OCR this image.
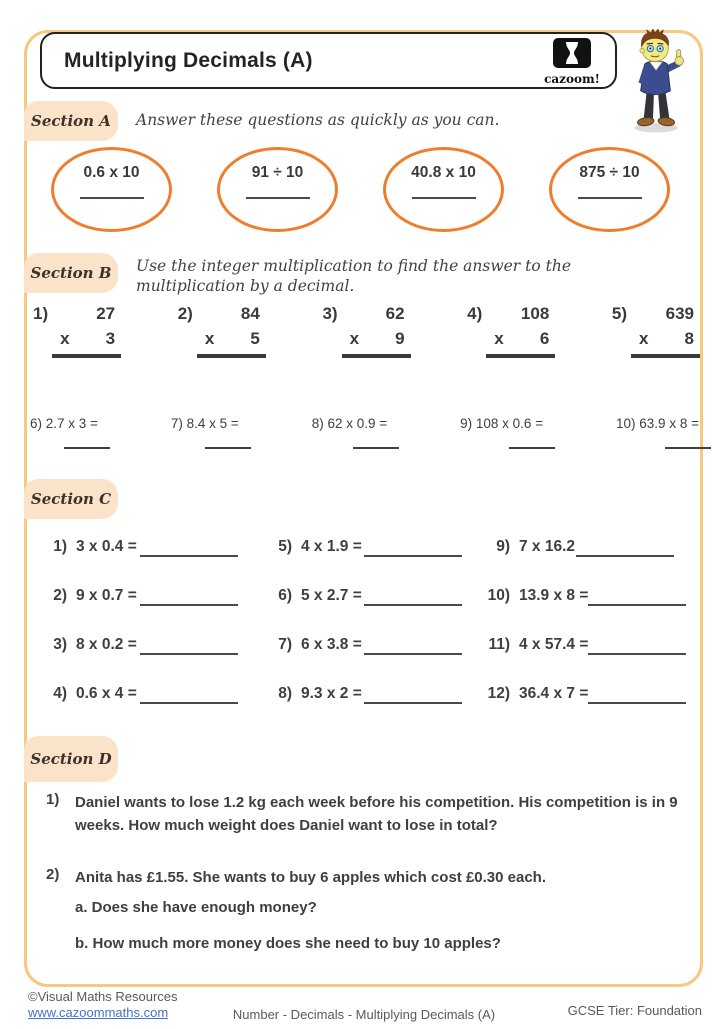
Multiplying Decimals (A)
cazoom!
Section A	Answer these questions as quickly as you can.
0.6 x 10	91 ÷ 10	40.8 x 10	875 ÷ 10
Section B	Use the integer multiplication to find the answer to the multiplication by a decimal.
1)	27
x 3
2)	84
x 5
3)	62
x 9
4)	108
x 6
5)	639
x 8
6) 2.7 x 3 =	7) 8.4 x 5 =	8) 62 x 0.9 =	9) 108 x 0.6 =	10) 63.9 x 8 =
Section C
1) 3 x 0.4 =
2) 9 x 0.7 =
3) 8 x 0.2 =
4) 0.6 x 4 =
5) 4 x 1.9 =
6) 5 x 2.7 =
7) 6 x 3.8 =
8) 9.3 x 2 =
9) 7 x 16.2
10) 13.9 x 8 =
11) 4 x 57.4 =
12) 36.4 x 7 =
Section D
1)	Daniel wants to lose 1.2 kg each week before his competition. His competition is in 9 weeks. How much weight does Daniel want to lose in total?
2)	Anita has £1.55. She wants to buy 6 apples which cost £0.30 each.
a. Does she have enough money?
b. How much more money does she need to buy 10 apples?
©Visual Maths Resources
www.cazoommaths.com	Number - Decimals - Multiplying Decimals (A)	GCSE Tier: Foundation
